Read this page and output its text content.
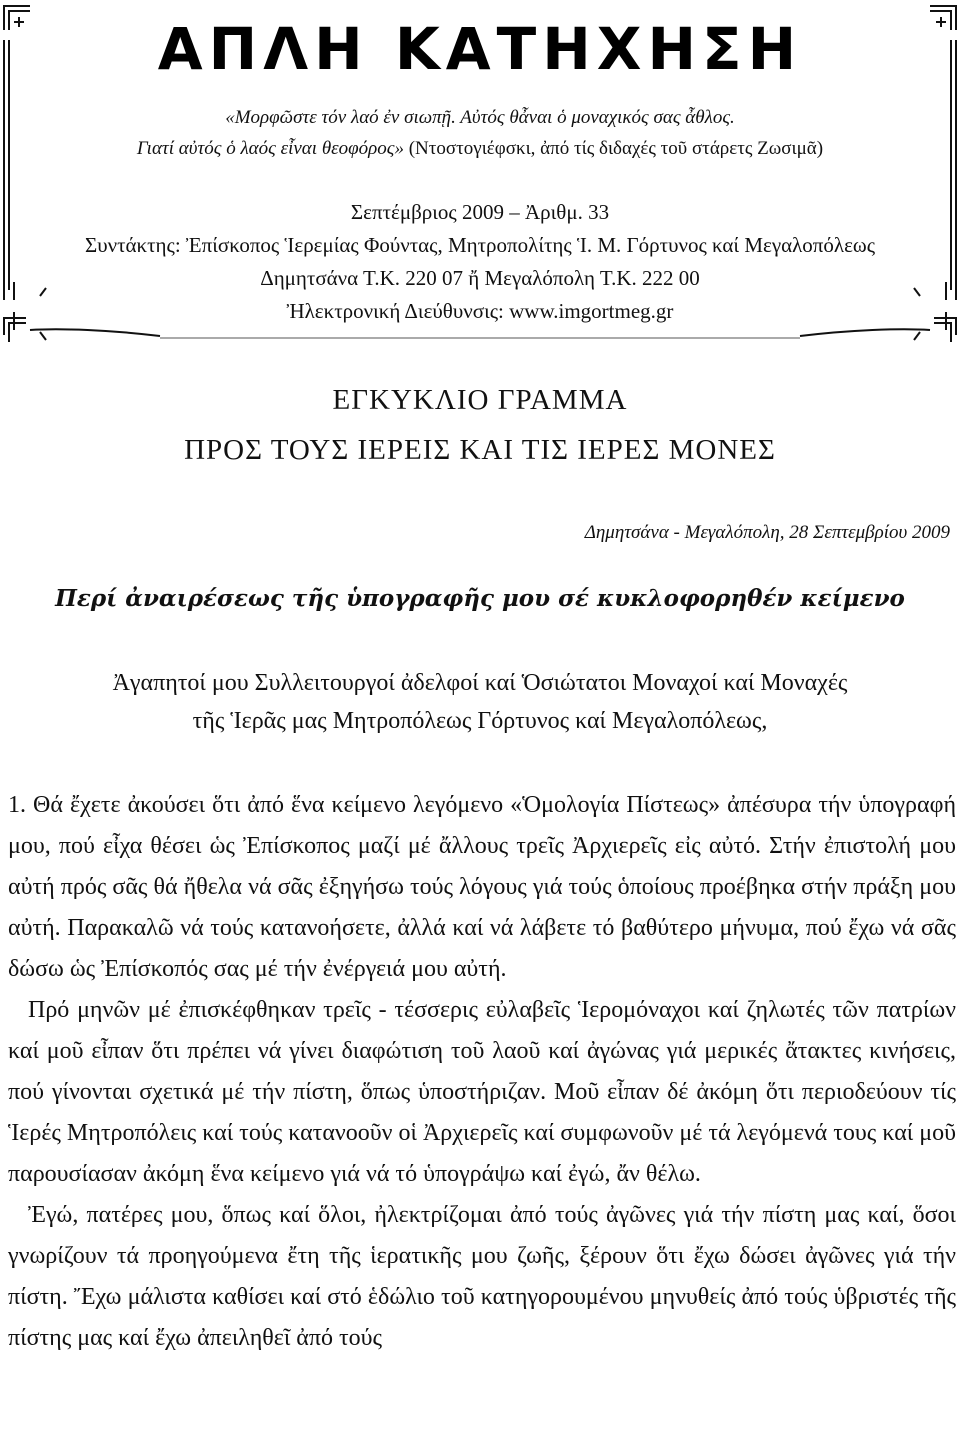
ΑΠΛΗ ΚΑΤΗΧΗΣΗ
«Μορφῶστε τόν λαό ἐν σιωπῇ. Αὐτός θἆναι ὁ μοναχικός σας ἆθλος.
Γιατί αὐτός ὁ λαός εἶναι θεοφόρος» (Ντοστογιέφσκι, ἀπό τίς διδαχές τοῦ στάρετς Ζωσιμᾶ)
Σεπτέμβριος 2009 – Ἀριθμ. 33
Συντάκτης: Ἐπίσκοπος Ἱερεμίας Φούντας, Μητροπολίτης Ἱ. Μ. Γόρτυνος καί Μεγαλοπόλεως
Δημητσάνα Τ.Κ. 220 07 ἤ Μεγαλόπολη Τ.Κ. 222 00
Ἠλεκτρονική Διεύθυνσις: www.imgortmeg.gr
ΕΓΚΥΚΛΙΟ ΓΡΑΜΜΑ
ΠΡΟΣ ΤΟΥΣ ΙΕΡΕΙΣ ΚΑΙ ΤΙΣ ΙΕΡΕΣ ΜΟΝΕΣ
Δημητσάνα - Μεγαλόπολη, 28 Σεπτεμβρίου 2009
Περί ἀναιρέσεως τῆς ὑπογραφῆς μου σέ κυκλοφορηθέν κείμενο
Ἀγαπητοί μου Συλλειτουργοί ἀδελφοί καί Ὁσιώτατοι Μοναχοί καί Μοναχές
τῆς Ἱερᾶς μας Μητροπόλεως Γόρτυνος καί Μεγαλοπόλεως,

1. Θά ἔχετε ἀκούσει ὅτι ἀπό ἕνα κείμενο λεγόμενο «Ὁμολογία Πίστεως» ἀπέσυρα τήν ὑπογραφή μου, πού εἶχα θέσει ὡς Ἐπίσκοπος μαζί μέ ἄλλους τρεῖς Ἀρχιερεῖς εἰς αὐτό. Στήν ἐπιστολή μου αὐτή πρός σᾶς θά ἤθελα νά σᾶς ἐξηγήσω τούς λόγους γιά τούς ὁποίους προέβηκα στήν πράξη μου αὐτή. Παρακαλῶ νά τούς κατανοήσετε, ἀλλά καί νά λάβετε τό βαθύτερο μήνυμα, πού ἔχω νά σᾶς δώσω ὡς Ἐπίσκοπός σας μέ τήν ἐνέργειά μου αὐτή.

Πρό μηνῶν μέ ἐπισκέφθηκαν τρεῖς - τέσσερις εὐλαβεῖς Ἱερομόναχοι καί ζηλωτές τῶν πατρίων καί μοῦ εἶπαν ὅτι πρέπει νά γίνει διαφώτιση τοῦ λαοῦ καί ἀγώνας γιά μερικές ἄτακτες κινήσεις, πού γίνονται σχετικά μέ τήν πίστη, ὅπως ὑποστήριζαν. Μοῦ εἶπαν δέ ἀκόμη ὅτι περιοδεύουν τίς Ἱερές Μητροπόλεις καί τούς κατανοοῦν οἱ Ἀρχιερεῖς καί συμφωνοῦν μέ τά λεγόμενά τους καί μοῦ παρουσίασαν ἀκόμη ἕνα κείμενο γιά νά τό ὑπογράψω καί ἐγώ, ἄν θέλω.

Ἐγώ, πατέρες μου, ὅπως καί ὅλοι, ἠλεκτρίζομαι ἀπό τούς ἀγῶνες γιά τήν πίστη μας καί, ὅσοι γνωρίζουν τά προηγούμενα ἔτη τῆς ἱερατικῆς μου ζωῆς, ξέρουν ὅτι ἔχω δώσει ἀγῶνες γιά τήν πίστη. Ἔχω μάλιστα καθίσει καί στό ἑδώλιο τοῦ κατηγορουμένου μηνυθείς ἀπό τούς ὑβριστές τῆς πίστης μας καί ἔχω ἀπειληθεῖ ἀπό τούς
